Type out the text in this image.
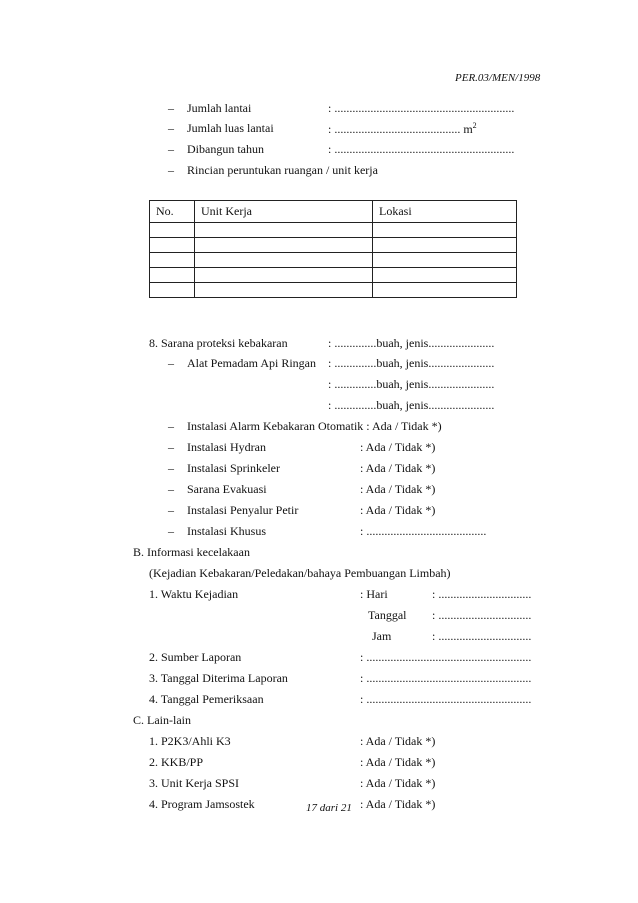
PER.03/MEN/1998
– Jumlah lantai	: ............................................................
– Jumlah luas lantai	: .......................................... $m^2$
– Dibangun tahun	: ............................................................
– Rincian peruntukan ruangan / unit kerja
No.	Unit Kerja	Lokasi

8. Sarana proteksi kebakaran	: ..............buah, jenis......................
– Alat Pemadam Api Ringan : ..............buah, jenis......................
: ..............buah, jenis......................
: ..............buah, jenis......................
– Instalasi Alarm Kebakaran Otomatik : Ada / Tidak *)
– Instalasi Hydran	: Ada / Tidak *)
– Instalasi Sprinkeler	: Ada / Tidak *)
– Sarana Evakuasi	: Ada / Tidak *)
– Instalasi Penyalur Petir	: Ada / Tidak *)
– Instalasi Khusus	: ........................................
B. Informasi kecelakaan
(Kejadian Kebakaran/Peledakan/bahaya Pembuangan Limbah)
1. Waktu Kejadian	: Hari	: ...............................
Tanggal : ...............................
Jam	: ...............................
2. Sumber Laporan	: .......................................................
3. Tanggal Diterima Laporan	: .......................................................
4. Tanggal Pemeriksaan	: .......................................................
C. Lain-lain
1. P2K3/Ahli K3	: Ada / Tidak *)
2. KKB/PP	: Ada / Tidak *)
3. Unit Kerja SPSI	: Ada / Tidak *)
4. Program Jamsostek	: Ada / Tidak *)
17 dari 21
